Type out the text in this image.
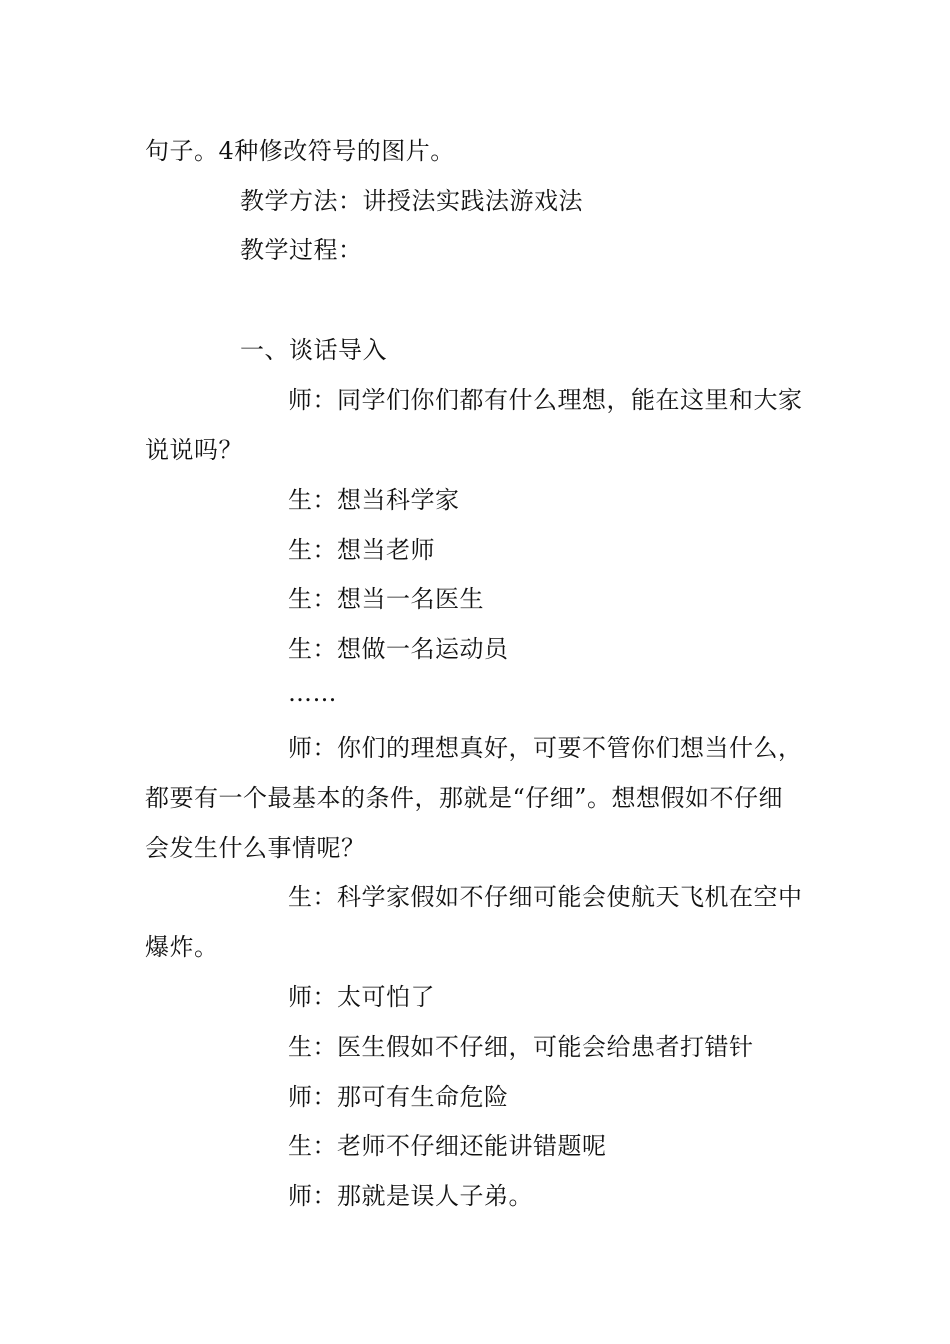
句子。4种修改符号的图片。
教学方法：讲授法实践法游戏法
教学过程：
一、谈话导入
师：同学们你们都有什么理想，能在这里和大家
说说吗？
生：想当科学家
生：想当老师
生：想当一名医生
生：想做一名运动员
……
师：你们的理想真好，可要不管你们想当什么，
都要有一个最基本的条件，那就是“仔细”。想想假如不仔细
会发生什么事情呢？
生：科学家假如不仔细可能会使航天飞机在空中
爆炸。
师：太可怕了
生：医生假如不仔细，可能会给患者打错针
师：那可有生命危险
生：老师不仔细还能讲错题呢
师：那就是误人子弟。
